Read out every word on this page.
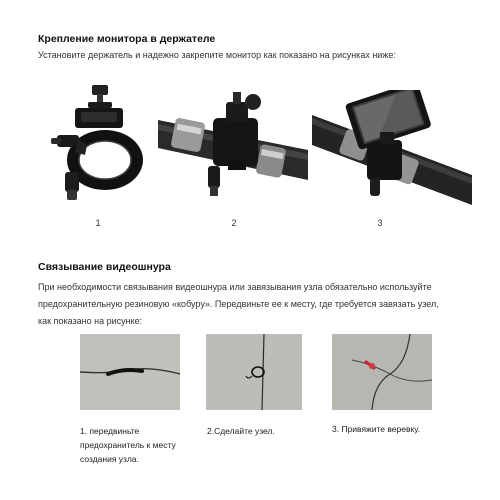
Крепление монитора в держателе
Установите держатель и надежно закрепите монитор как показано на рисунках ниже:
1	2	3
Связывание видеошнура
При необходимости связывания видеошнура или завязывания узла обязательно используйте
предохранительную резиновую «кобуру». Передвиньте ее к месту, где требуется завязать узел,
как показано на рисунке:
1. передвиньте
предохранитель к месту
создания узла.
2.Сделайте узел.	3. Привяжите веревку.
